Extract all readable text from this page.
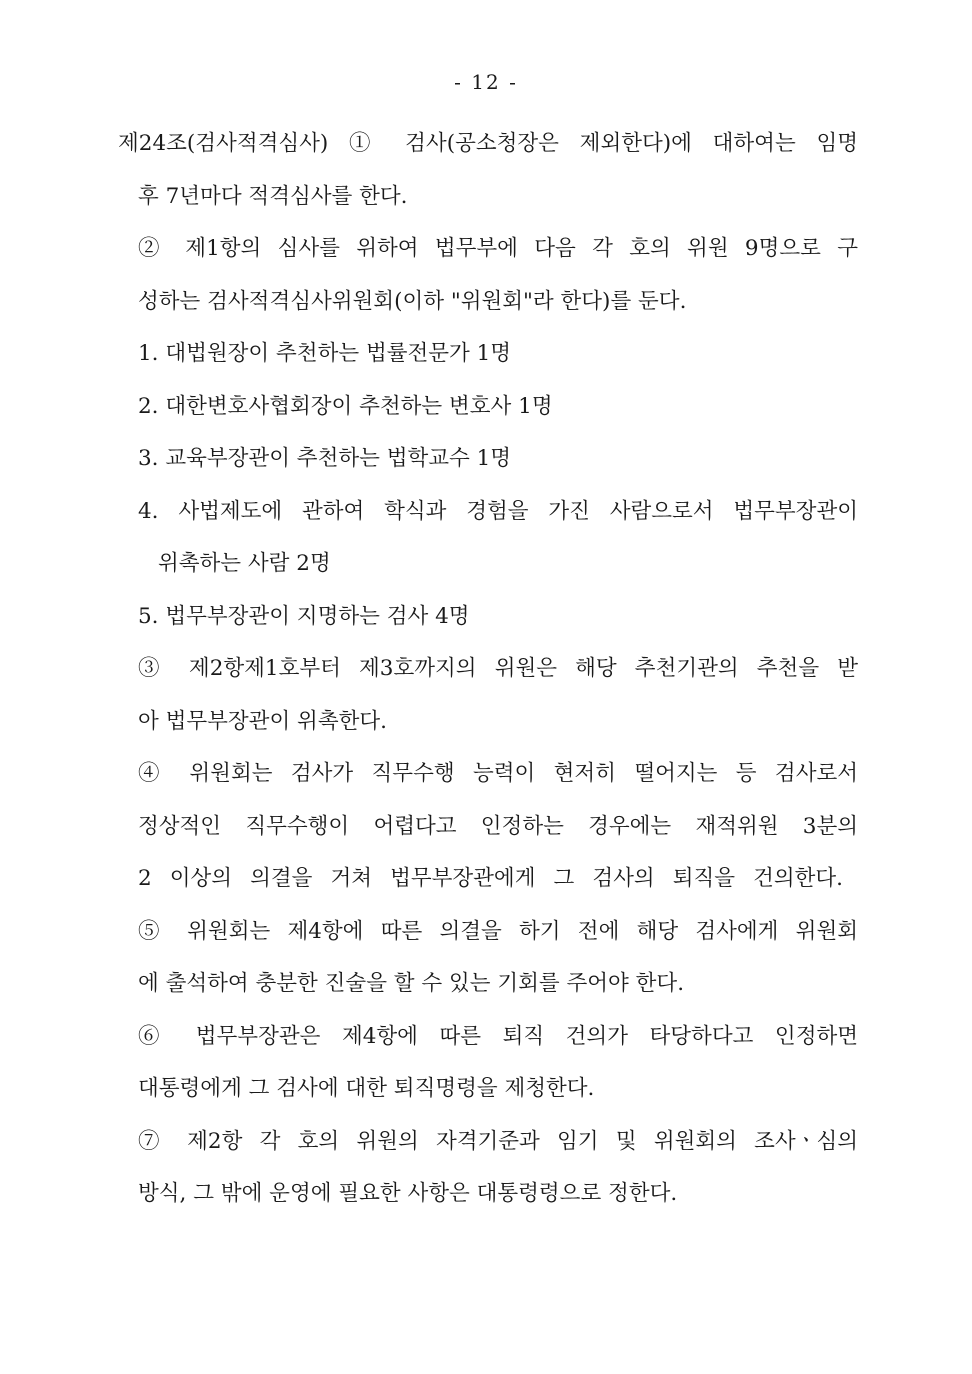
- 12 -
제24조(검사적격심사) ① 검사(공소청장은 제외한다)에 대하여는 임명
후 7년마다 적격심사를 한다.
② 제1항의 심사를 위하여 법무부에 다음 각 호의 위원 9명으로 구
성하는 검사적격심사위원회(이하 "위원회"라 한다)를 둔다.
1. 대법원장이 추천하는 법률전문가 1명
2. 대한변호사협회장이 추천하는 변호사 1명
3. 교육부장관이 추천하는 법학교수 1명
4. 사법제도에 관하여 학식과 경험을 가진 사람으로서 법무부장관이
위촉하는 사람 2명
5. 법무부장관이 지명하는 검사 4명
③ 제2항제1호부터 제3호까지의 위원은 해당 추천기관의 추천을 받
아 법무부장관이 위촉한다.
④ 위원회는 검사가 직무수행 능력이 현저히 떨어지는 등 검사로서
정상적인 직무수행이 어렵다고 인정하는 경우에는 재적위원 3분의
2 이상의 의결을 거쳐 법무부장관에게 그 검사의 퇴직을 건의한다.
⑤ 위원회는 제4항에 따른 의결을 하기 전에 해당 검사에게 위원회
에 출석하여 충분한 진술을 할 수 있는 기회를 주어야 한다.
⑥ 법무부장관은 제4항에 따른 퇴직 건의가 타당하다고 인정하면
대통령에게 그 검사에 대한 퇴직명령을 제청한다.
⑦ 제2항 각 호의 위원의 자격기준과 임기 및 위원회의 조사ㆍ심의
방식, 그 밖에 운영에 필요한 사항은 대통령령으로 정한다.
